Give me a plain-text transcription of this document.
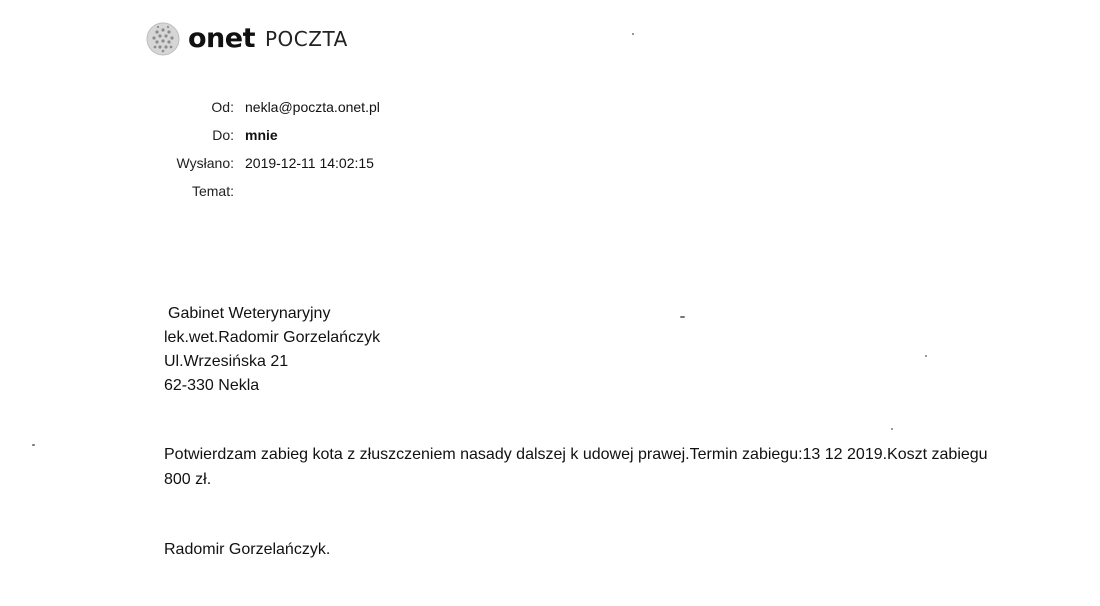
onet POCZTA
Od: nekla@poczta.onet.pl
Do: mnie
Wysłano: 2019-12-11 14:02:15
Temat:
Gabinet Weterynaryjny
lek.wet.Radomir Gorzelańczyk
Ul.Wrzesińska 21
62-330 Nekla
Potwierdzam zabieg kota z złuszczeniem nasady dalszej k udowej prawej.Termin zabiegu:13 12 2019.Koszt zabiegu
800 zł.
Radomir Gorzelańczyk.
